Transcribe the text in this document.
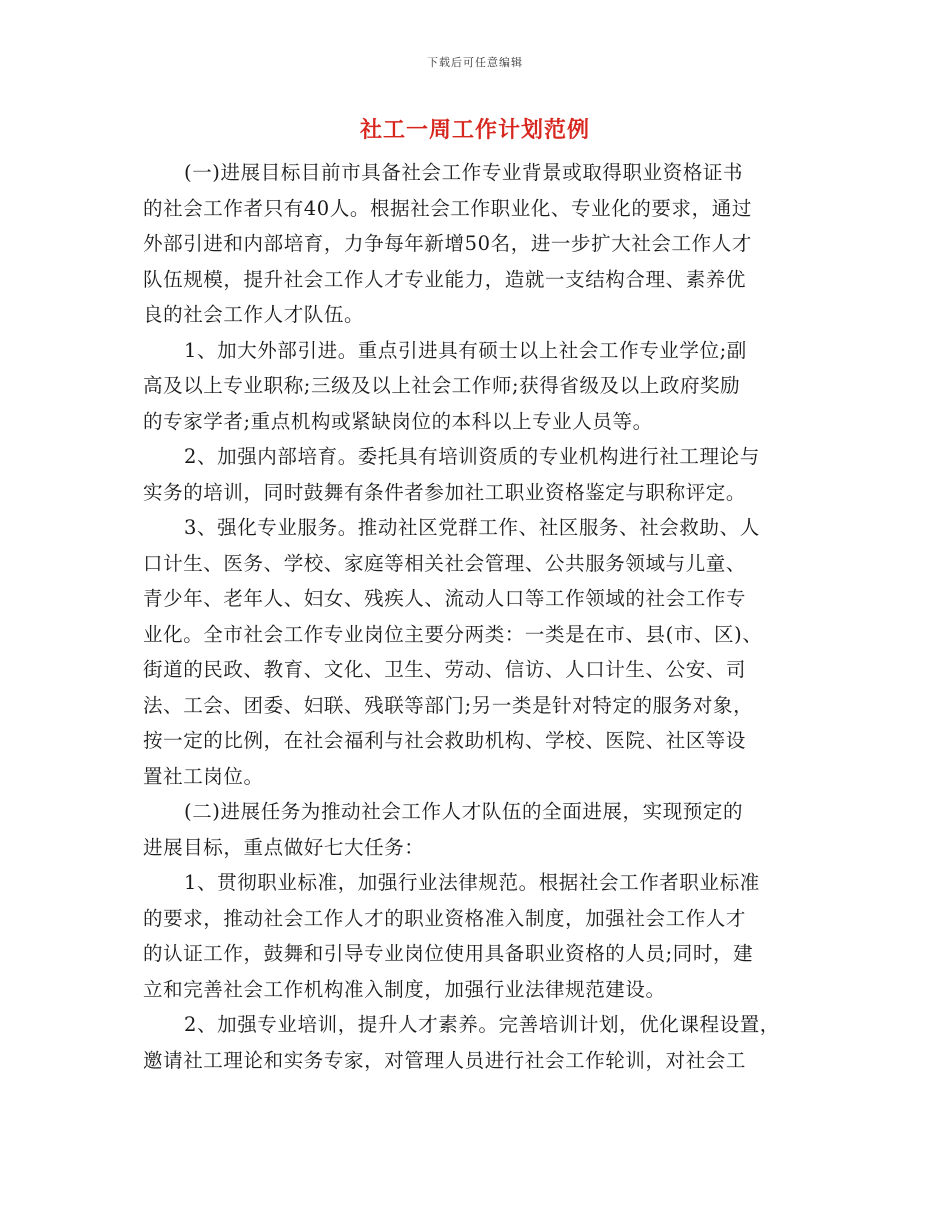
下载后可任意编辑
社工一周工作计划范例

(一)进展目标目前市具备社会工作专业背景或取得职业资格证书
的社会工作者只有40人。根据社会工作职业化、专业化的要求，通过
外部引进和内部培育，力争每年新增50名，进一步扩大社会工作人才
队伍规模，提升社会工作人才专业能力，造就一支结构合理、素养优
良的社会工作人才队伍。

1、加大外部引进。重点引进具有硕士以上社会工作专业学位;副
高及以上专业职称;三级及以上社会工作师;获得省级及以上政府奖励
的专家学者;重点机构或紧缺岗位的本科以上专业人员等。

2、加强内部培育。委托具有培训资质的专业机构进行社工理论与
实务的培训，同时鼓舞有条件者参加社工职业资格鉴定与职称评定。

3、强化专业服务。推动社区党群工作、社区服务、社会救助、人
口计生、医务、学校、家庭等相关社会管理、公共服务领域与儿童、
青少年、老年人、妇女、残疾人、流动人口等工作领域的社会工作专
业化。全市社会工作专业岗位主要分两类：一类是在市、县(市、区)、
街道的民政、教育、文化、卫生、劳动、信访、人口计生、公安、司
法、工会、团委、妇联、残联等部门;另一类是针对特定的服务对象，
按一定的比例，在社会福利与社会救助机构、学校、医院、社区等设
置社工岗位。

(二)进展任务为推动社会工作人才队伍的全面进展，实现预定的
进展目标，重点做好七大任务：

1、贯彻职业标准，加强行业法律规范。根据社会工作者职业标准
的要求，推动社会工作人才的职业资格准入制度，加强社会工作人才
的认证工作，鼓舞和引导专业岗位使用具备职业资格的人员;同时，建
立和完善社会工作机构准入制度，加强行业法律规范建设。

2、加强专业培训，提升人才素养。完善培训计划，优化课程设置，
邀请社工理论和实务专家，对管理人员进行社会工作轮训，对社会工
